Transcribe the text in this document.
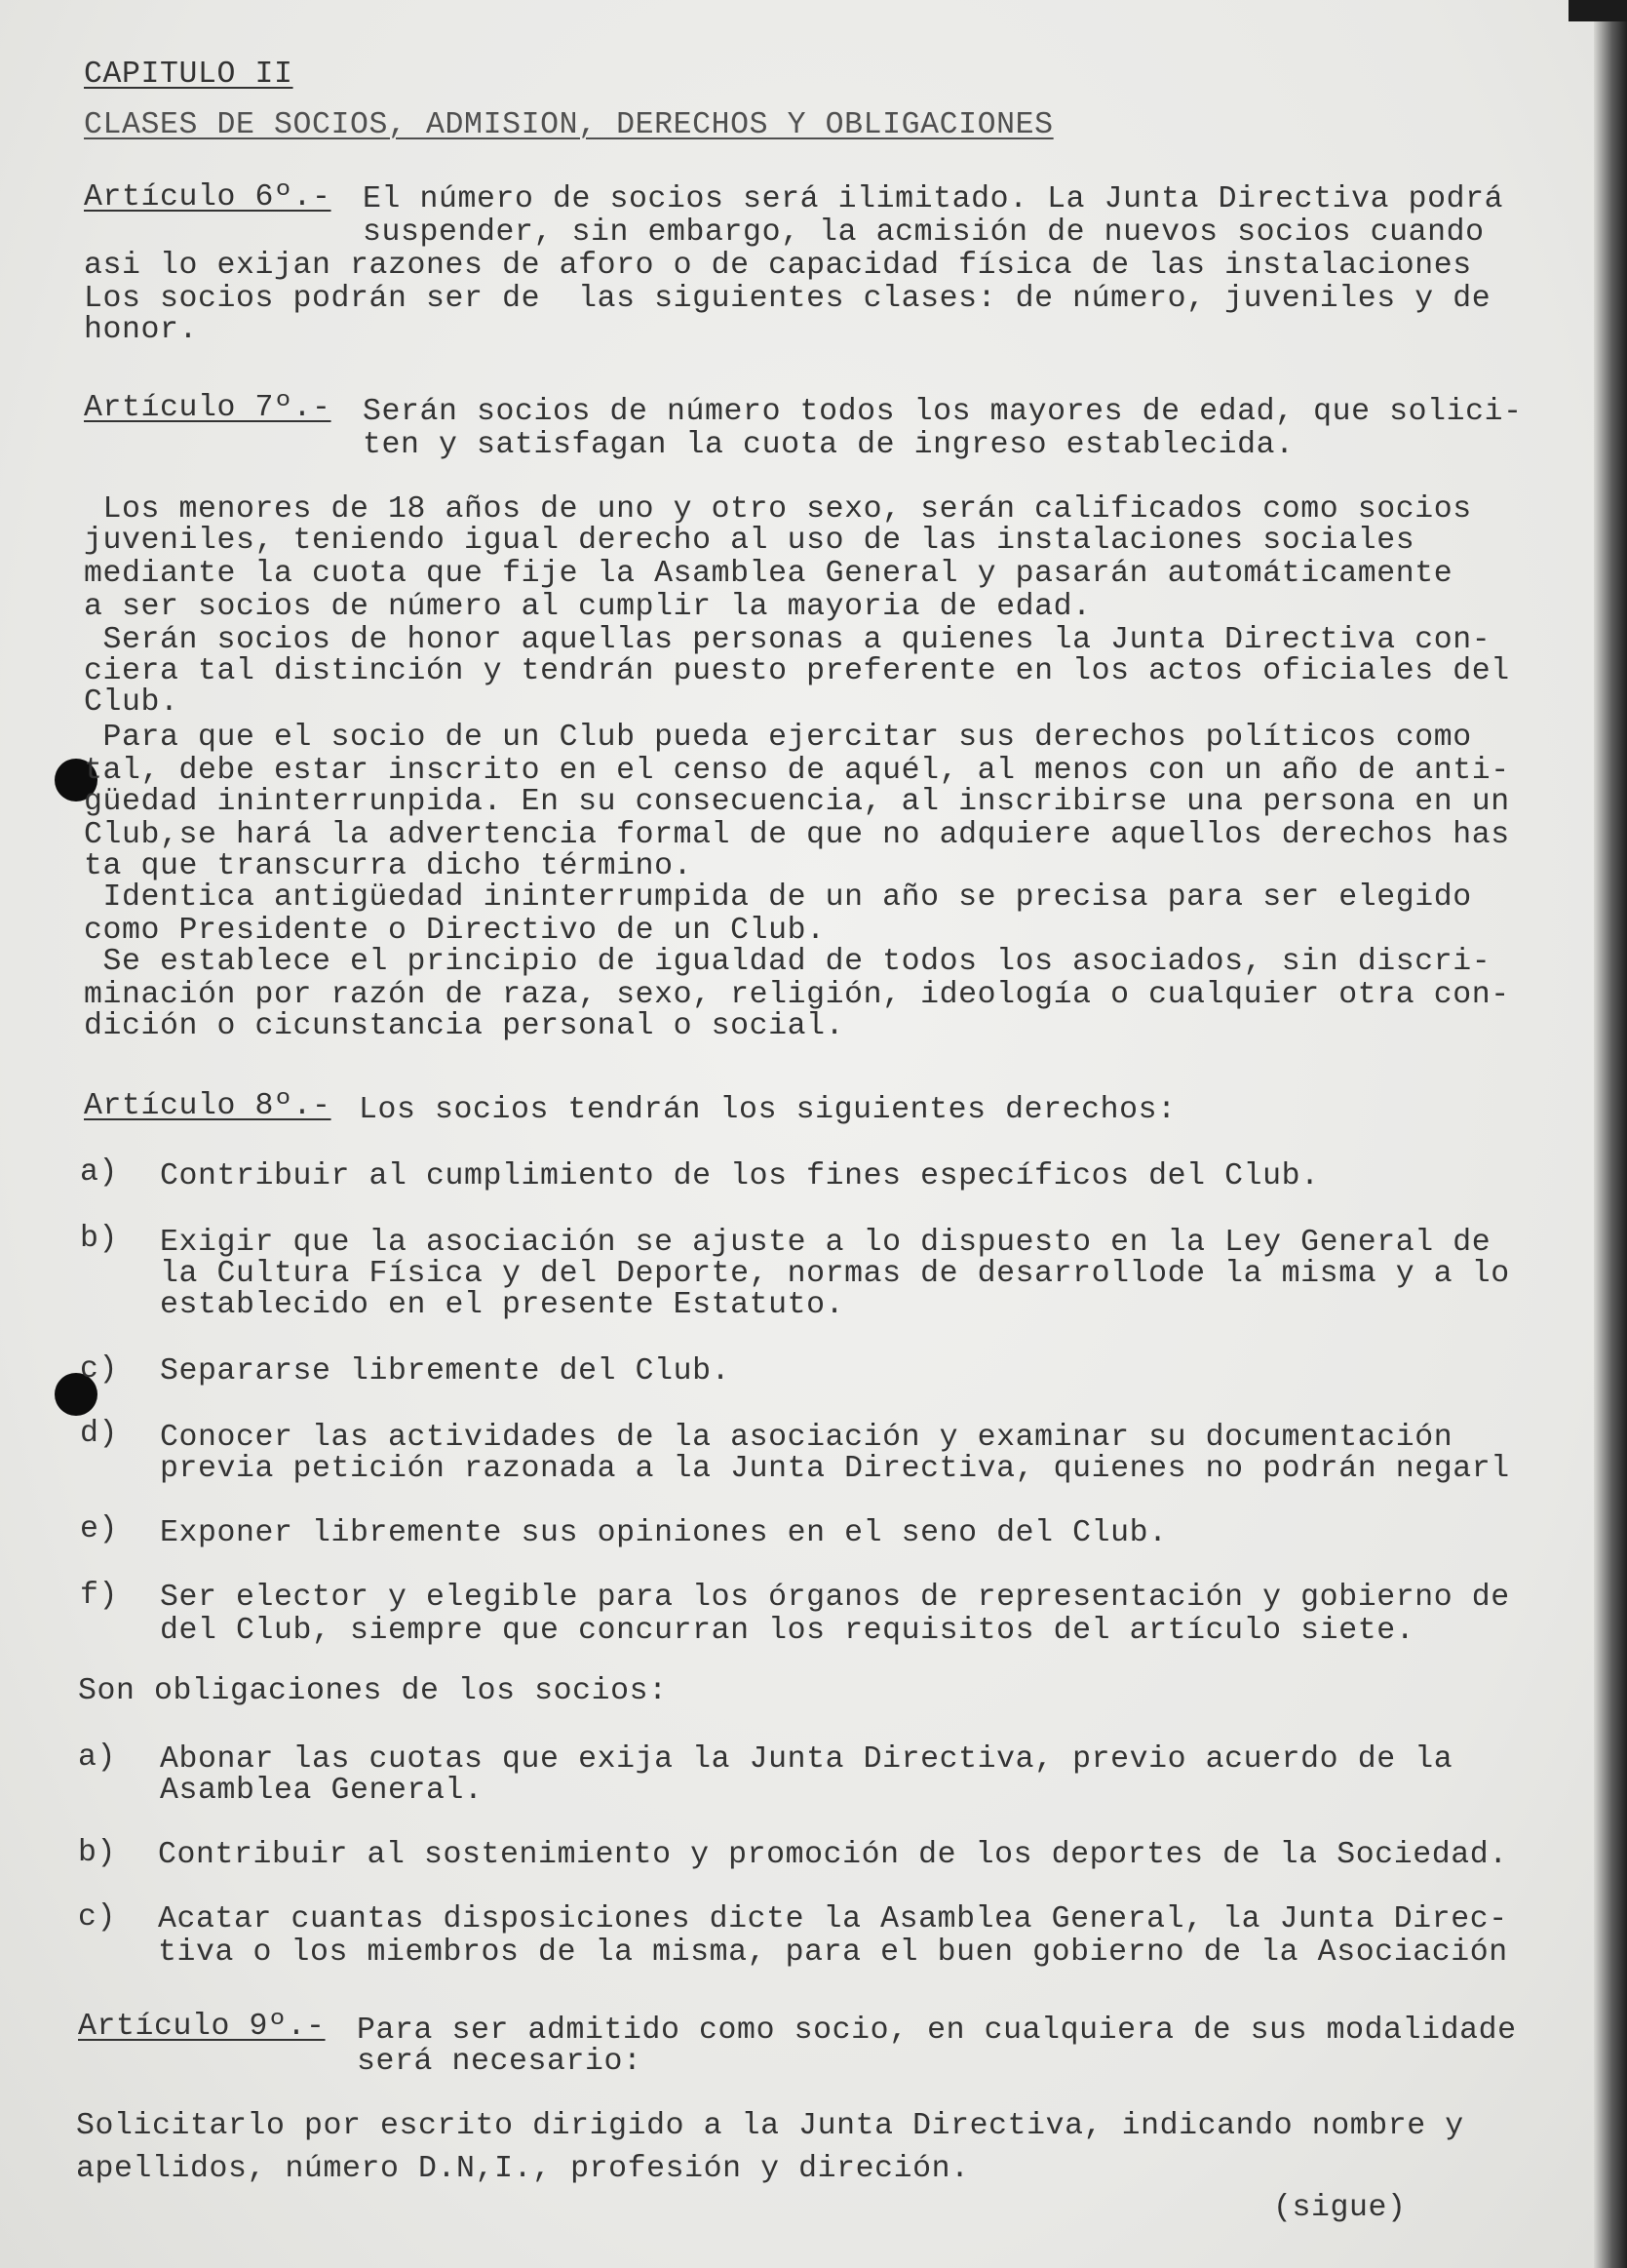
CAPITULO II
CLASES DE SOCIOS, ADMISION, DERECHOS Y OBLIGACIONES
Artículo 6º.- El número de socios será ilimitado. La Junta Directiva podrá
suspender, sin embargo, la acmisión de nuevos socios cuando
asi lo exijan razones de aforo o de capacidad física de las instalaciones
Los socios podrán ser de  las siguientes clases: de número, juveniles y de
honor.
Artículo 7º.- Serán socios de número todos los mayores de edad, que solici-
ten y satisfagan la cuota de ingreso establecida.
Los menores de 18 años de uno y otro sexo, serán calificados como socios
juveniles, teniendo igual derecho al uso de las instalaciones sociales
mediante la cuota que fije la Asamblea General y pasarán automáticamente
a ser socios de número al cumplir la mayoria de edad.
Serán socios de honor aquellas personas a quienes la Junta Directiva con-
ciera tal distinción y tendrán puesto preferente en los actos oficiales del
Club.
Para que el socio de un Club pueda ejercitar sus derechos políticos como
tal, debe estar inscrito en el censo de aquél, al menos con un año de anti-
güedad ininterrunpida. En su consecuencia, al inscribirse una persona en un
Club,se hará la advertencia formal de que no adquiere aquellos derechos has
ta que transcurra dicho término.
Identica antigüedad ininterrumpida de un año se precisa para ser elegido
como Presidente o Directivo de un Club.
Se establece el principio de igualdad de todos los asociados, sin discri-
minación por razón de raza, sexo, religión, ideología o cualquier otra con-
dición o cicunstancia personal o social.
Artículo 8º.- Los socios tendrán los siguientes derechos:
a) Contribuir al cumplimiento de los fines específicos del Club.
b) Exigir que la asociación se ajuste a lo dispuesto en la Ley General de
la Cultura Física y del Deporte, normas de desarrollode la misma y a lo
establecido en el presente Estatuto.
c) Separarse libremente del Club.
d) Conocer las actividades de la asociación y examinar su documentación
previa petición razonada a la Junta Directiva, quienes no podrán negarl
e) Exponer libremente sus opiniones en el seno del Club.
f) Ser elector y elegible para los órganos de representación y gobierno de
del Club, siempre que concurran los requisitos del artículo siete.
Son obligaciones de los socios:
a) Abonar las cuotas que exija la Junta Directiva, previo acuerdo de la
Asamblea General.
b) Contribuir al sostenimiento y promoción de los deportes de la Sociedad.
c) Acatar cuantas disposiciones dicte la Asamblea General, la Junta Direc-
tiva o los miembros de la misma, para el buen gobierno de la Asociación
Artículo 9º.- Para ser admitido como socio, en cualquiera de sus modalidade
será necesario:
Solicitarlo por escrito dirigido a la Junta Directiva, indicando nombre y
apellidos, número D.N,I., profesión y direción.
(sigue)
